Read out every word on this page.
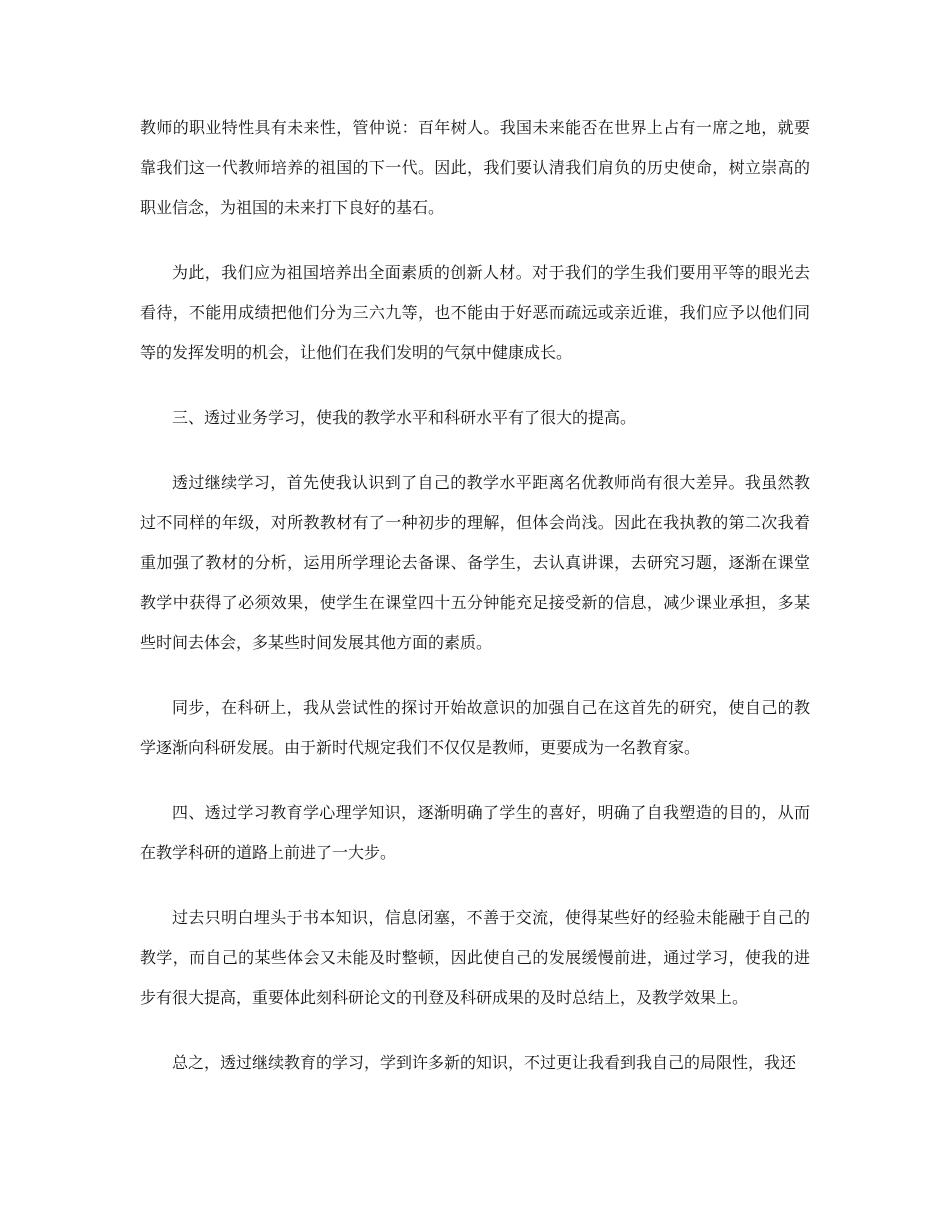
教师的职业特性具有未来性，管仲说：百年树人。我国未来能否在世界上占有一席之地，就要靠我们这一代教师培养的祖国的下一代。因此，我们要认清我们肩负的历史使命，树立崇高的职业信念，为祖国的未来打下良好的基石。

为此，我们应为祖国培养出全面素质的创新人材。对于我们的学生我们要用平等的眼光去看待，不能用成绩把他们分为三六九等，也不能由于好恶而疏远或亲近谁，我们应予以他们同等的发挥发明的机会，让他们在我们发明的气氛中健康成长。

三、透过业务学习，使我的教学水平和科研水平有了很大的提高。

透过继续学习，首先使我认识到了自己的教学水平距离名优教师尚有很大差异。我虽然教过不同样的年级，对所教教材有了一种初步的理解，但体会尚浅。因此在我执教的第二次我着重加强了教材的分析，运用所学理论去备课、备学生，去认真讲课，去研究习题，逐渐在课堂教学中获得了必须效果，使学生在课堂四十五分钟能充足接受新的信息，减少课业承担，多某些时间去体会，多某些时间发展其他方面的素质。

同步，在科研上，我从尝试性的探讨开始故意识的加强自己在这首先的研究，使自己的教学逐渐向科研发展。由于新时代规定我们不仅仅是教师，更要成为一名教育家。

四、透过学习教育学心理学知识，逐渐明确了学生的喜好，明确了自我塑造的目的，从而在教学科研的道路上前进了一大步。

过去只明白埋头于书本知识，信息闭塞，不善于交流，使得某些好的经验未能融于自己的教学，而自己的某些体会又未能及时整顿，因此使自己的发展缓慢前进，通过学习，使我的进步有很大提高，重要体此刻科研论文的刊登及科研成果的及时总结上，及教学效果上。

总之，透过继续教育的学习，学到许多新的知识，不过更让我看到我自己的局限性，我还
